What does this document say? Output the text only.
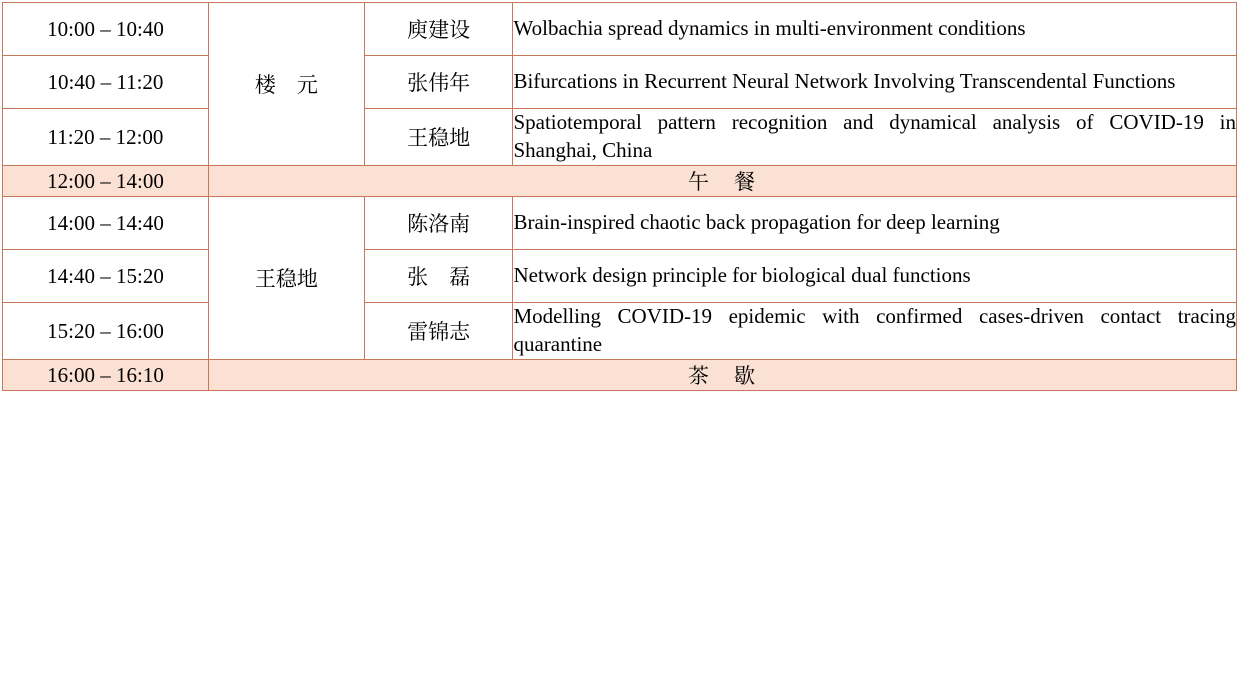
10:00 – 10:40	楼　元	庾建设	Wolbachia spread dynamics in multi-environment conditions
10:40 – 11:20		张伟年	Bifurcations in Recurrent Neural Network Involving Transcendental Functions
11:20 – 12:00		王稳地	Spatiotemporal pattern recognition and dynamical analysis of COVID-19 in Shanghai, China
12:00 – 14:00	午　餐		
14:00 – 14:40	王稳地	陈洛南	Brain-inspired chaotic back propagation for deep learning
14:40 – 15:20		张　磊	Network design principle for biological dual functions
15:20 – 16:00		雷锦志	Modelling COVID-19 epidemic with confirmed cases-driven contact tracing quarantine
16:00 – 16:10	茶　歇		
